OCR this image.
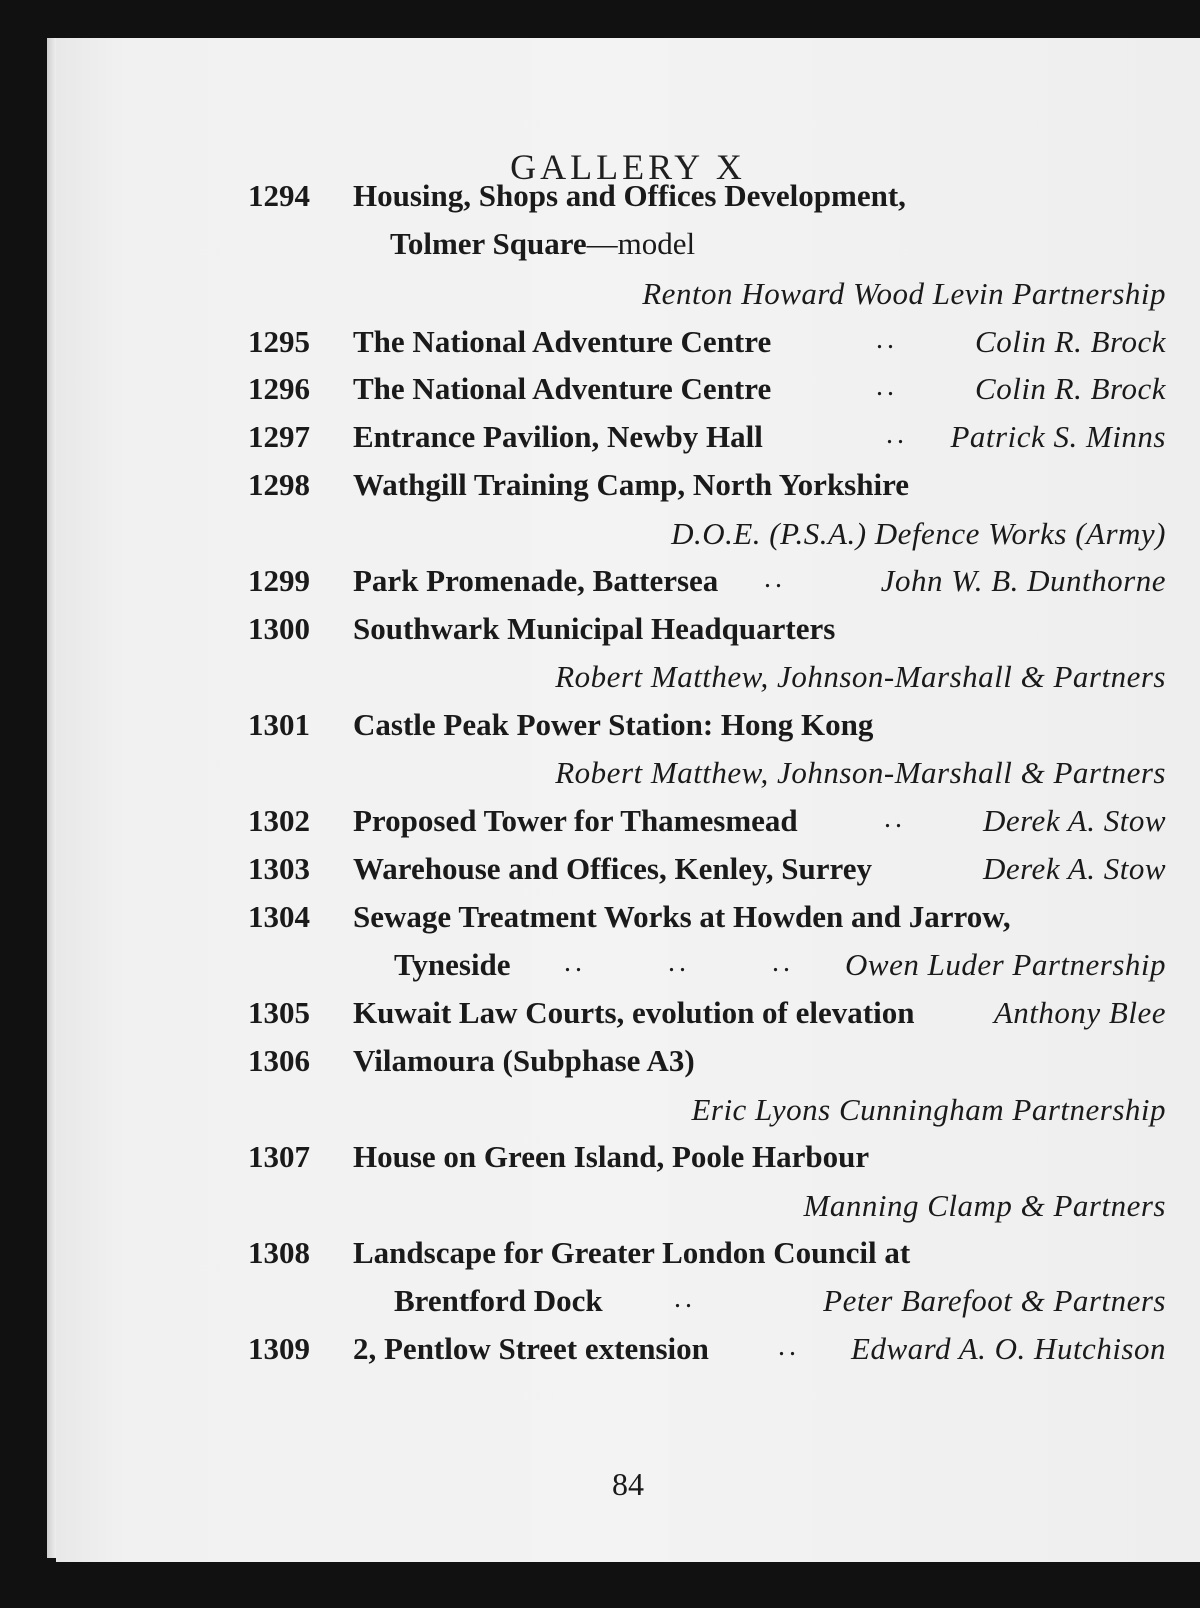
GALLERY X
1294 Housing, Shops and Offices Development,
Tolmer Square—model
Renton Howard Wood Levin Partnership
1295 The National Adventure Centre	.. Colin R. Brock
1296 The National Adventure Centre	.. Colin R. Brock
1297 Entrance Pavilion, Newby Hall	.. Patrick S. Minns
1298 Wathgill Training Camp, North Yorkshire
D.O.E. (P.S.A.) Defence Works (Army)
1299 Park Promenade, Battersea ..	John W. B. Dunthorne
1300 Southwark Municipal Headquarters
Robert Matthew, Johnson-Marshall & Partners
1301 Castle Peak Power Station: Hong Kong
Robert Matthew, Johnson-Marshall & Partners
1302 Proposed Tower for Thamesmead	.. Derek A. Stow
1303 Warehouse and Offices, Kenley, Surrey	Derek A. Stow
1304 Sewage Treatment Works at Howden and Jarrow,
Tyneside ..	..	.. Owen Luder Partnership
1305 Kuwait Law Courts, evolution of elevation	Anthony Blee
1306 Vilamoura (Subphase A3)
Eric Lyons Cunningham Partnership
1307 House on Green Island, Poole Harbour
Manning Clamp & Partners
1308 Landscape for Greater London Council at
Brentford Dock	..	Peter Barefoot & Partners
1309 2, Pentlow Street extension .. Edward A. O. Hutchison
84
